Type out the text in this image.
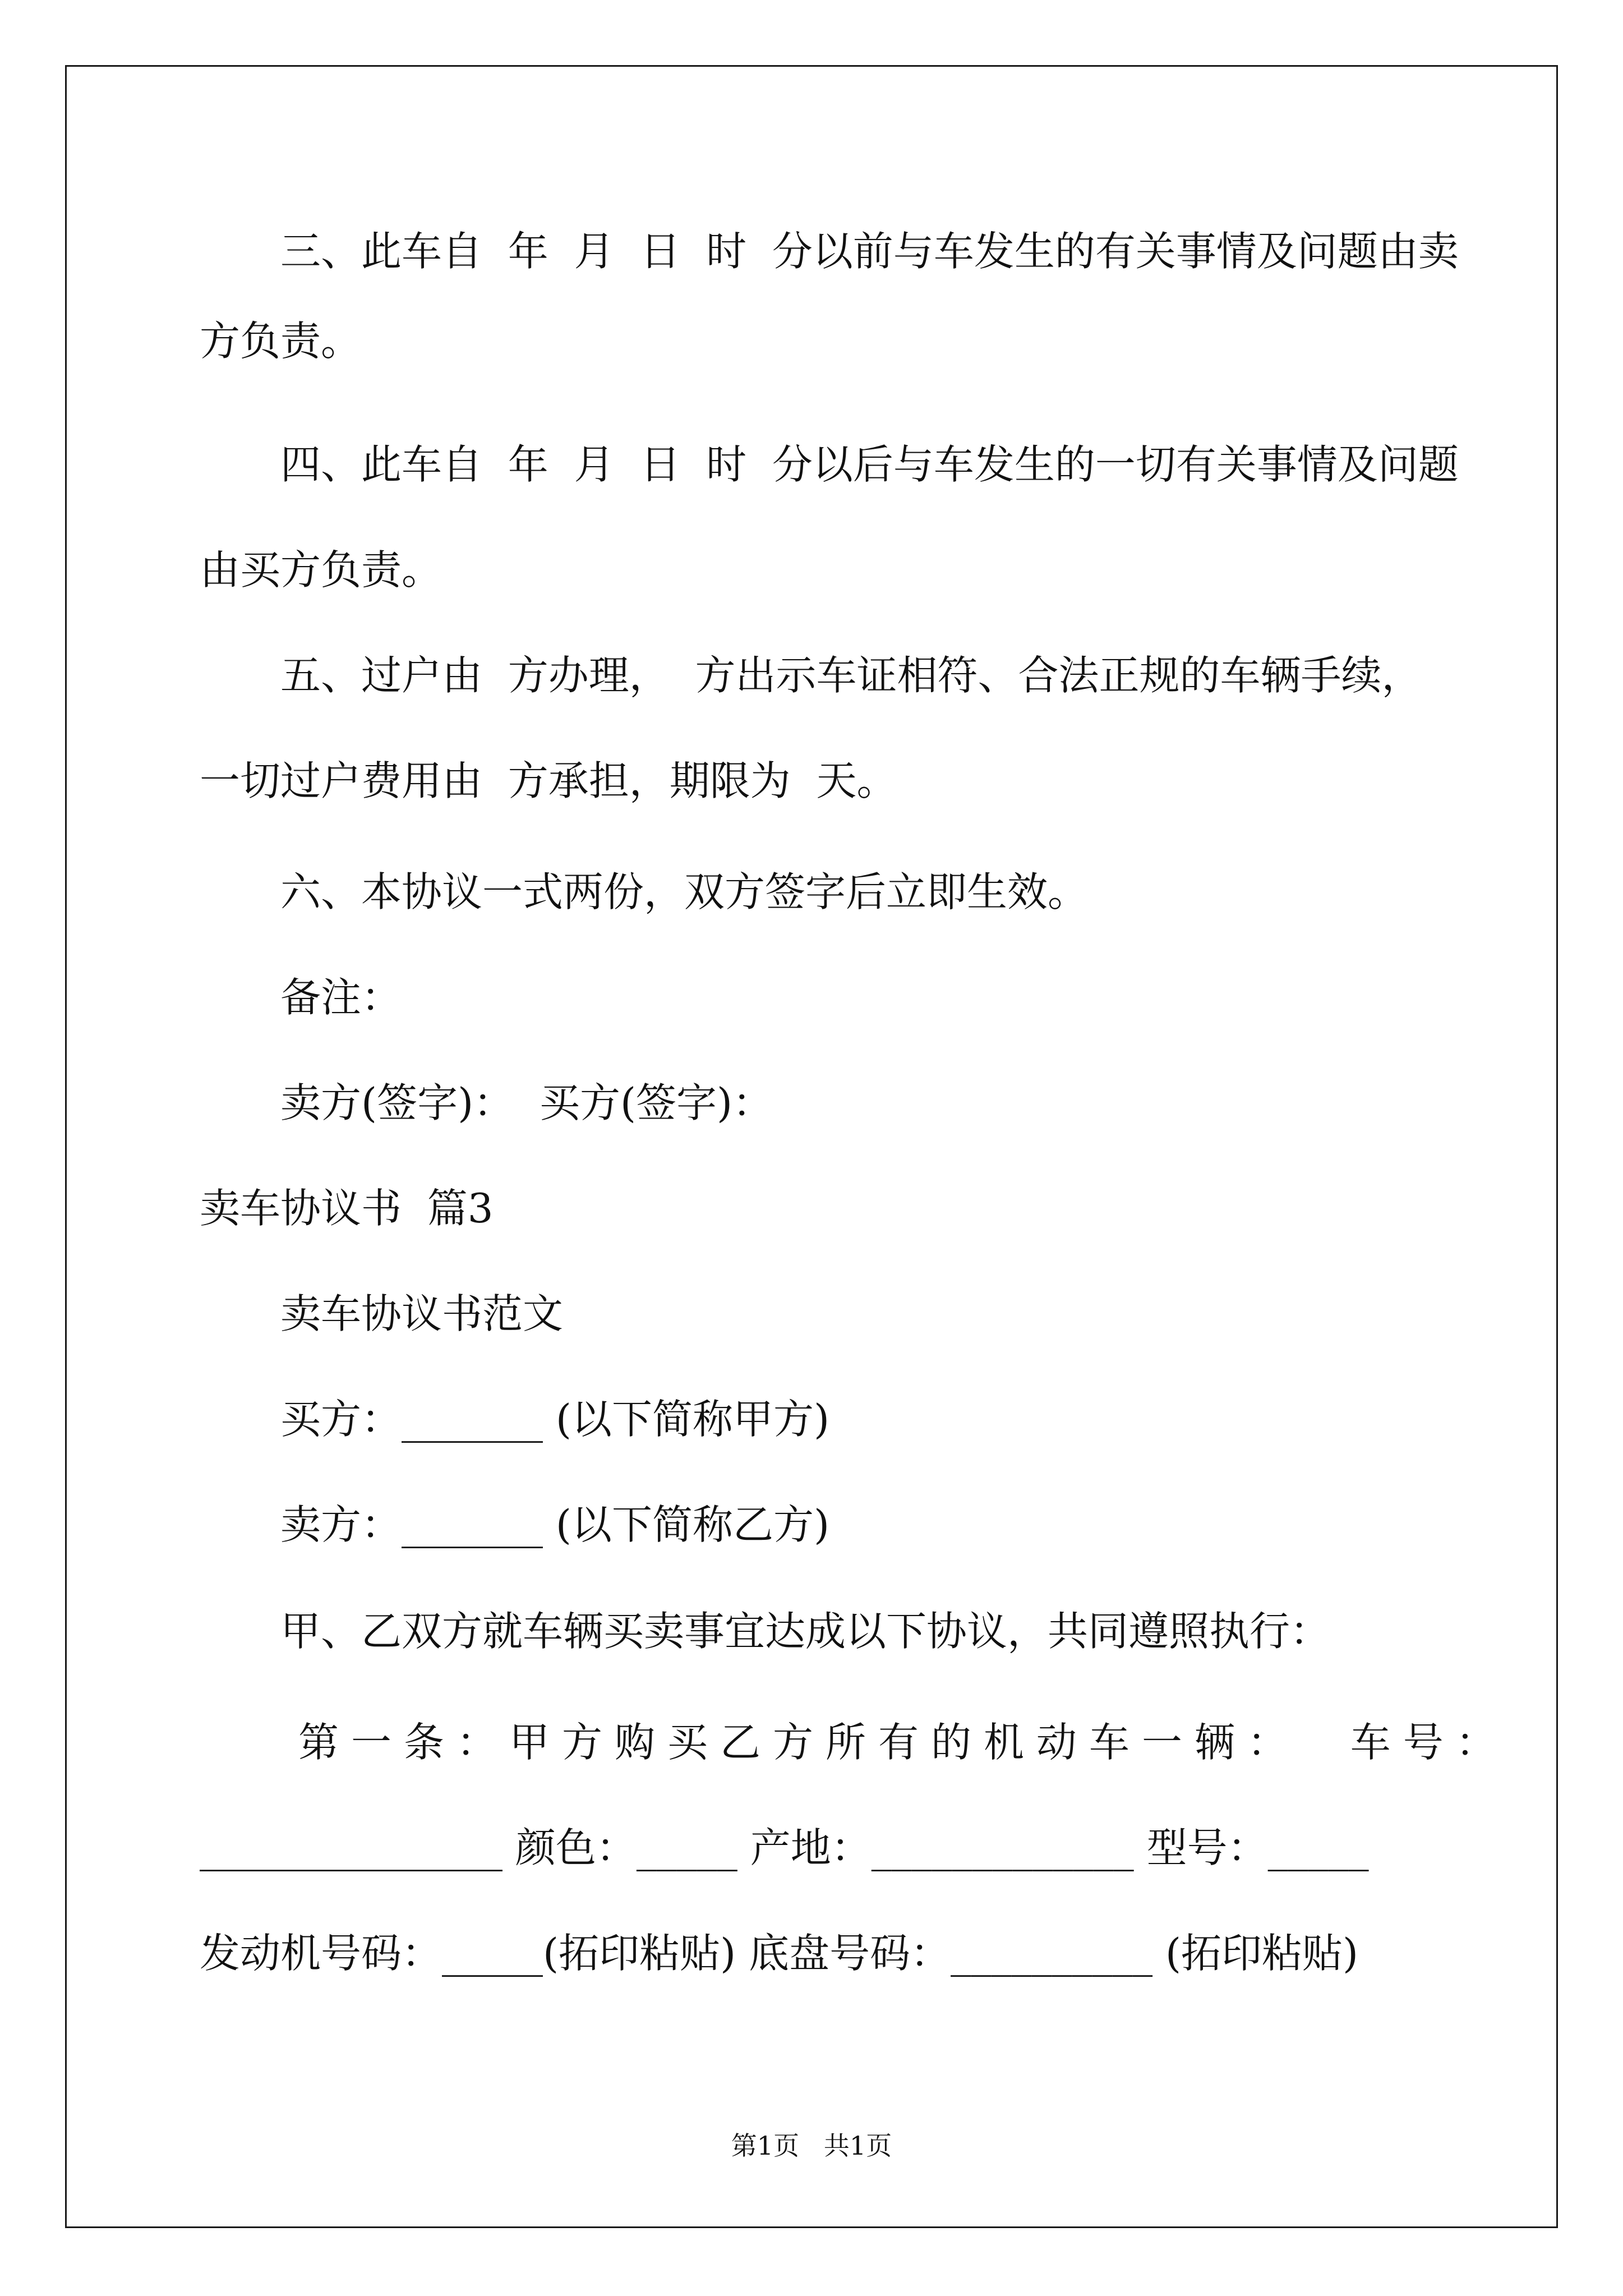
三、此车自  年  月  日  时  分以前与车发生的有关事情及问题由卖

方负责。

四、此车自  年  月  日  时  分以后与车发生的一切有关事情及问题

由买方负责。

五、过户由  方办理，  方出示车证相符、合法正规的车辆手续，

一切过户费用由  方承担，期限为  天。

六、本协议一式两份，双方签字后立即生效。

备注：

卖方(签字)：  买方(签字)：

卖车协议书  篇3

卖车协议书范文

买方：_______ (以下简称甲方)

卖方：_______ (以下简称乙方)

甲、乙双方就车辆买卖事宜达成以下协议，共同遵照执行：

第一条：甲方购买乙方所有的机动车一辆：  车号：

_______________ 颜色：_____ 产地：_____________ 型号：_____

发动机号码：_____(拓印粘贴) 底盘号码：__________ (拓印粘贴)

第1页   共1页
